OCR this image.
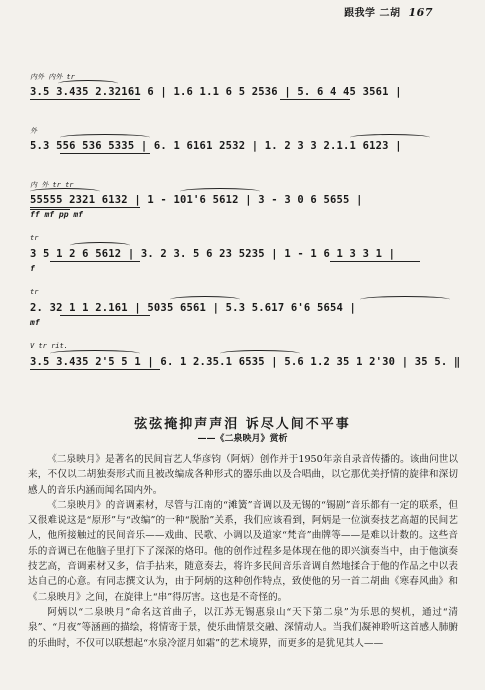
跟我学 二胡 167
内外 内外 tr
3.5 3.435 2.32161 6 | 1.6 1.1 6 5 2536 | 5. 6 4 45 3561 |
外
5.3 556 536 5335 | 6. 1 6161 2532 | 1. 2 3 3 2.1.1 6123 |
内 外 tr tr
55555 2321 6132 | 1 - 101'6 5612 | 3 - 3 0 6 5655 |
ff mf pp mf
tr
3 5 1 2 6 5612 | 3. 2 3. 5 6 23 5235 | 1 - 1 6 1 3 3 1 |
f
tr
2. 32 1 1 2.161 | 5035 6561 | 5.3 5.617 6'6 5654 |
mf
V tr rit.
3.5 3.435 2'5 5 1 | 6. 1 2.35.1 6535 | 5.6 1.2 35 1 2'30 | 35 5. ‖
弦弦掩抑声声泪 诉尽人间不平事
——《二泉映月》赏析

《二泉映月》是著名的民间盲艺人华彦钧（阿炳）创作并于1950年亲自录音传播的。该曲问世以来，不仅以二胡独奏形式而且被改编成各种形式的器乐曲以及合唱曲，以它那优美抒情的旋律和深切感人的音乐内涵而闻名国内外。

《二泉映月》的音调素材，尽管与江南的“滩簧”音调以及无锡的“锡剧”音乐都有一定的联系，但又很难说这是“原形”与“改编”的一种“脱胎”关系，我们应该看到，阿炳是一位演奏技艺高超的民间艺人，他所接触过的民间音乐——戏曲、民歌、小调以及道家“梵音”曲牌等——是难以计数的。这些音乐的音调已在他脑子里打下了深深的烙印。他的创作过程多是体现在他的即兴演奏当中，由于他演奏技艺高，音调素材又多，信手拈来，随意奏去，将许多民间音乐音调自然地揉合于他的作品之中以表达自己的心意。有同志撰文认为，由于阿炳的这种创作特点，致使他的另一首二胡曲《寒春风曲》和《二泉映月》之间，在旋律上“串”得厉害。这也是不奇怪的。

阿炳以“二泉映月”命名这首曲子，以江苏无锡惠泉山“天下第二泉”为乐思的契机，通过“清泉”、“月夜”等涵画的描绘，将情寄于景，使乐曲情景交融、深情动人。当我们凝神聆听这首感人肺腑的乐曲时，不仅可以联想起“水泉冷涩月如霜”的艺术境界，而更多的是犹见其人——
